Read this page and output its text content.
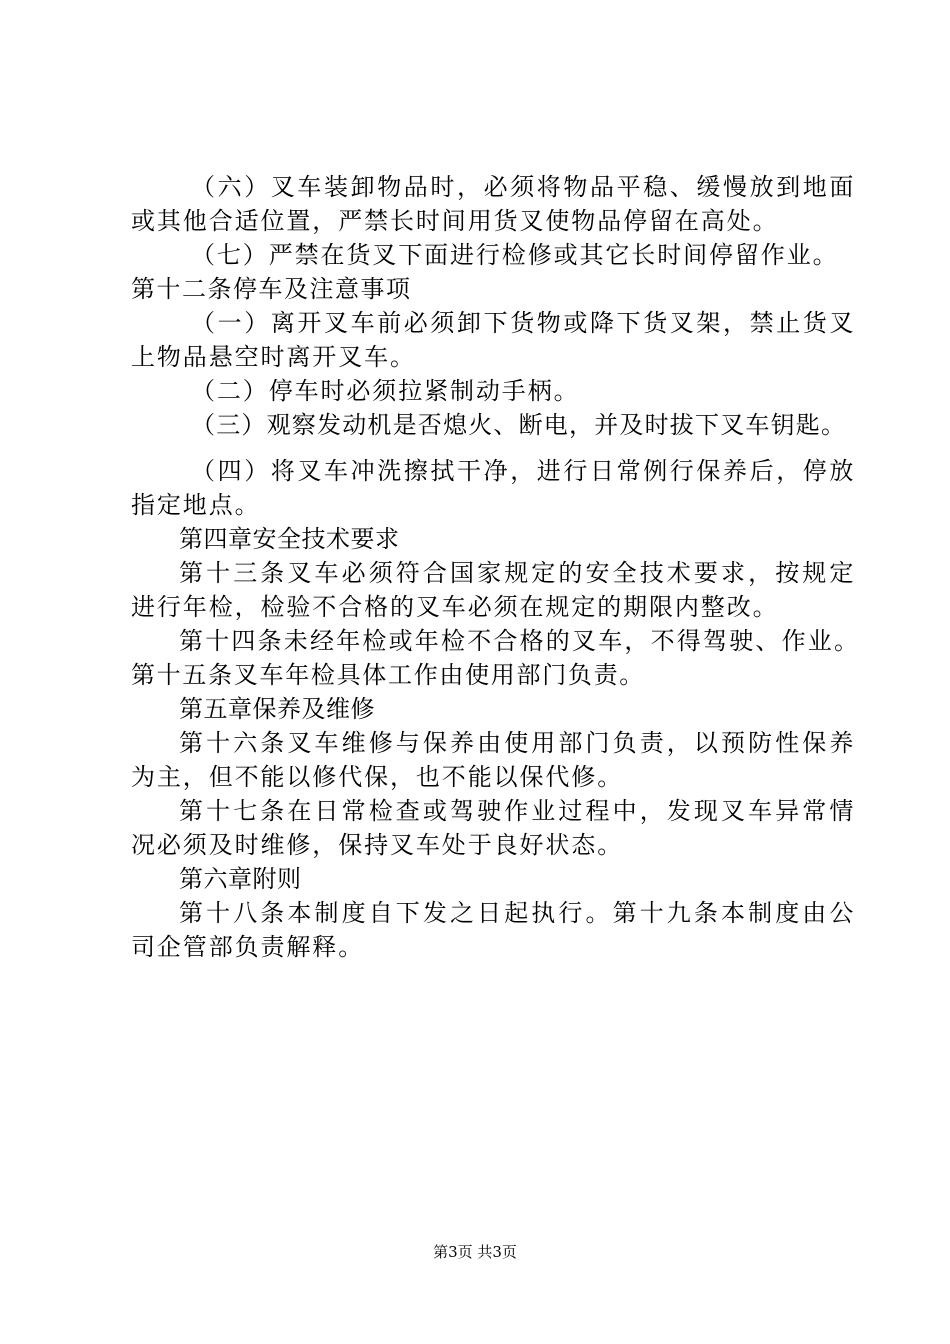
（六）叉车装卸物品时，必须将物品平稳、缓慢放到地面
或其他合适位置，严禁长时间用货叉使物品停留在高处。
（七）严禁在货叉下面进行检修或其它长时间停留作业。
第十二条停车及注意事项
（一）离开叉车前必须卸下货物或降下货叉架，禁止货叉
上物品悬空时离开叉车。
（二）停车时必须拉紧制动手柄。
（三）观察发动机是否熄火、断电，并及时拔下叉车钥匙。
（四）将叉车冲洗擦拭干净，进行日常例行保养后，停放
指定地点。
第四章安全技术要求
第十三条叉车必须符合国家规定的安全技术要求，按规定
进行年检，检验不合格的叉车必须在规定的期限内整改。
第十四条未经年检或年检不合格的叉车，不得驾驶、作业。
第十五条叉车年检具体工作由使用部门负责。
第五章保养及维修
第十六条叉车维修与保养由使用部门负责，以预防性保养
为主，但不能以修代保，也不能以保代修。
第十七条在日常检查或驾驶作业过程中，发现叉车异常情
况必须及时维修，保持叉车处于良好状态。
第六章附则
第十八条本制度自下发之日起执行。第十九条本制度由公
司企管部负责解释。
第3页 共3页
